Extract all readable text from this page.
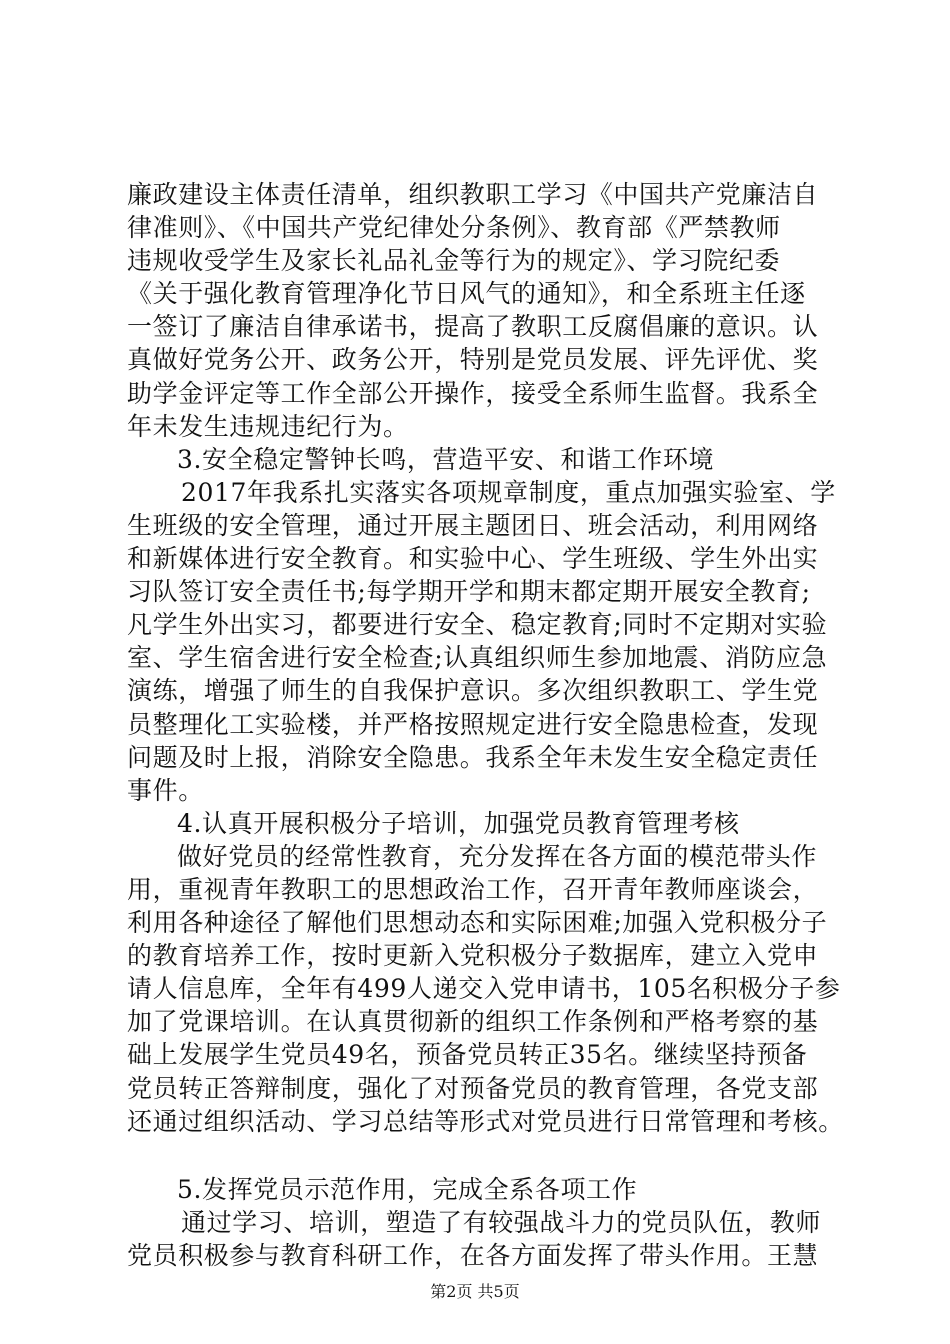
廉政建设主体责任清单，组织教职工学习《中国共产党廉洁自
律准则》、《中国共产党纪律处分条例》、教育部《严禁教师
违规收受学生及家长礼品礼金等行为的规定》、学习院纪委
《关于强化教育管理净化节日风气的通知》，和全系班主任逐
一签订了廉洁自律承诺书，提高了教职工反腐倡廉的意识。认
真做好党务公开、政务公开，特别是党员发展、评先评优、奖
助学金评定等工作全部公开操作，接受全系师生监督。我系全
年未发生违规违纪行为。
3.安全稳定警钟长鸣，营造平安、和谐工作环境
2017年我系扎实落实各项规章制度，重点加强实验室、学
生班级的安全管理，通过开展主题团日、班会活动，利用网络
和新媒体进行安全教育。和实验中心、学生班级、学生外出实
习队签订安全责任书;每学期开学和期末都定期开展安全教育;
凡学生外出实习，都要进行安全、稳定教育;同时不定期对实验
室、学生宿舍进行安全检查;认真组织师生参加地震、消防应急
演练，增强了师生的自我保护意识。多次组织教职工、学生党
员整理化工实验楼，并严格按照规定进行安全隐患检查，发现
问题及时上报，消除安全隐患。我系全年未发生安全稳定责任
事件。
4.认真开展积极分子培训，加强党员教育管理考核
做好党员的经常性教育，充分发挥在各方面的模范带头作
用，重视青年教职工的思想政治工作，召开青年教师座谈会，
利用各种途径了解他们思想动态和实际困难;加强入党积极分子
的教育培养工作，按时更新入党积极分子数据库，建立入党申
请人信息库，全年有499人递交入党申请书，105名积极分子参
加了党课培训。在认真贯彻新的组织工作条例和严格考察的基
础上发展学生党员49名，预备党员转正35名。继续坚持预备
党员转正答辩制度，强化了对预备党员的教育管理，各党支部
还通过组织活动、学习总结等形式对党员进行日常管理和考核。
5.发挥党员示范作用，完成全系各项工作
通过学习、培训，塑造了有较强战斗力的党员队伍，教师
党员积极参与教育科研工作，在各方面发挥了带头作用。王慧
第2页 共5页
